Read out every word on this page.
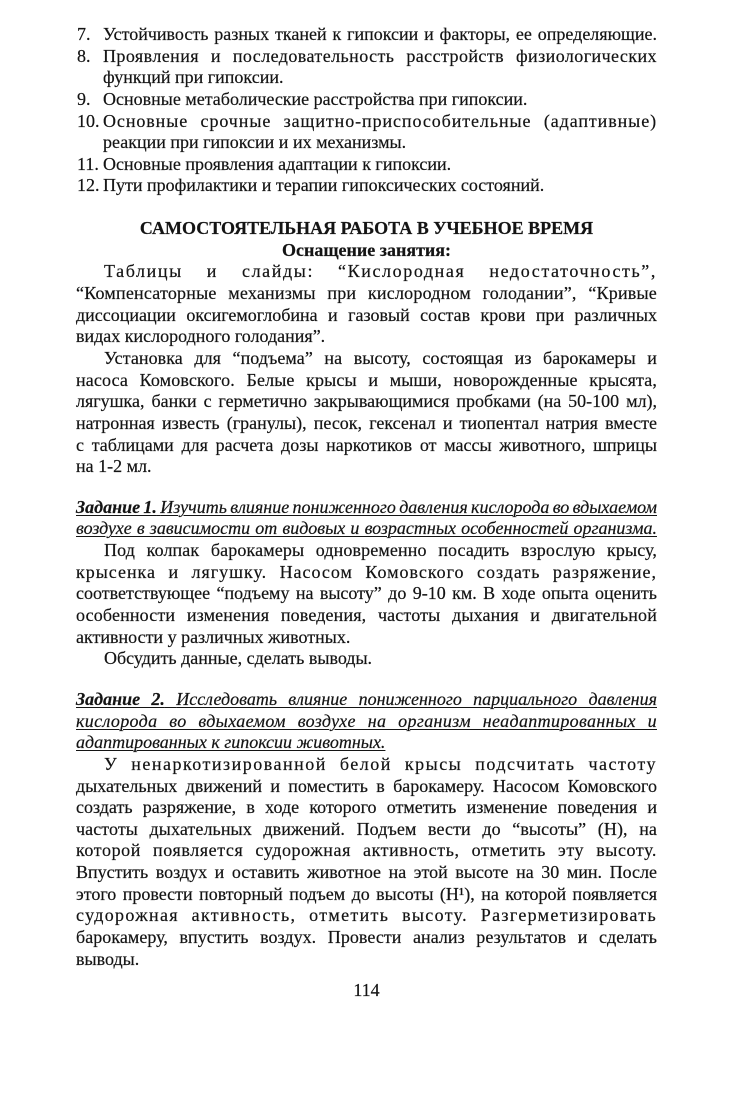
7. Устойчивость разных тканей к гипоксии и факторы, ее определяющие.
8. Проявления и последовательность расстройств физиологических
функций при гипоксии.
9. Основные метаболические расстройства при гипоксии.
10. Основные срочные защитно-приспособительные (адаптивные)
реакции при гипоксии и их механизмы.
11. Основные проявления адаптации к гипоксии.
12. Пути профилактики и терапии гипоксических состояний.
САМОСТОЯТЕЛЬНАЯ РАБОТА В УЧЕБНОЕ ВРЕМЯ
Оснащение занятия:
Таблицы и слайды: “Кислородная недостаточность”,
“Компенсаторные механизмы при кислородном голодании”, “Кривые
диссоциации оксигемоглобина и газовый состав крови при различных
видах кислородного голодания”.
Установка для “подъема” на высоту, состоящая из барокамеры и
насоса Комовского. Белые крысы и мыши, новорожденные крысята,
лягушка, банки с герметично закрывающимися пробками (на 50-100 мл),
натронная известь (гранулы), песок, гексенал и тиопентал натрия вместе
с таблицами для расчета дозы наркотиков от массы животного, шприцы
на 1-2 мл.
Задание 1. Изучить влияние пониженного давления кислорода во вдыхаемом
воздухе в зависимости от видовых и возрастных особенностей организма.
Под колпак барокамеры одновременно посадить взрослую крысу,
крысенка и лягушку. Насосом Комовского создать разряжение,
соответствующее “подъему на высоту” до 9-10 км. В ходе опыта оценить
особенности изменения поведения, частоты дыхания и двигательной
активности у различных животных.
Обсудить данные, сделать выводы.
Задание 2. Исследовать влияние пониженного парциального давления
кислорода во вдыхаемом воздухе на организм неадаптированных и
адаптированных к гипоксии животных.
У ненаркотизированной белой крысы подсчитать частоту
дыхательных движений и поместить в барокамеру. Насосом Комовского
создать разряжение, в ходе которого отметить изменение поведения и
частоты дыхательных движений. Подъем вести до “высоты” (H), на
которой появляется судорожная активность, отметить эту высоту.
Впустить воздух и оставить животное на этой высоте на 30 мин. После
этого провести повторный подъем до высоты (H¹), на которой появляется
судорожная активность, отметить высоту. Разгерметизировать
барокамеру, впустить воздух. Провести анализ результатов и сделать
выводы.
114
